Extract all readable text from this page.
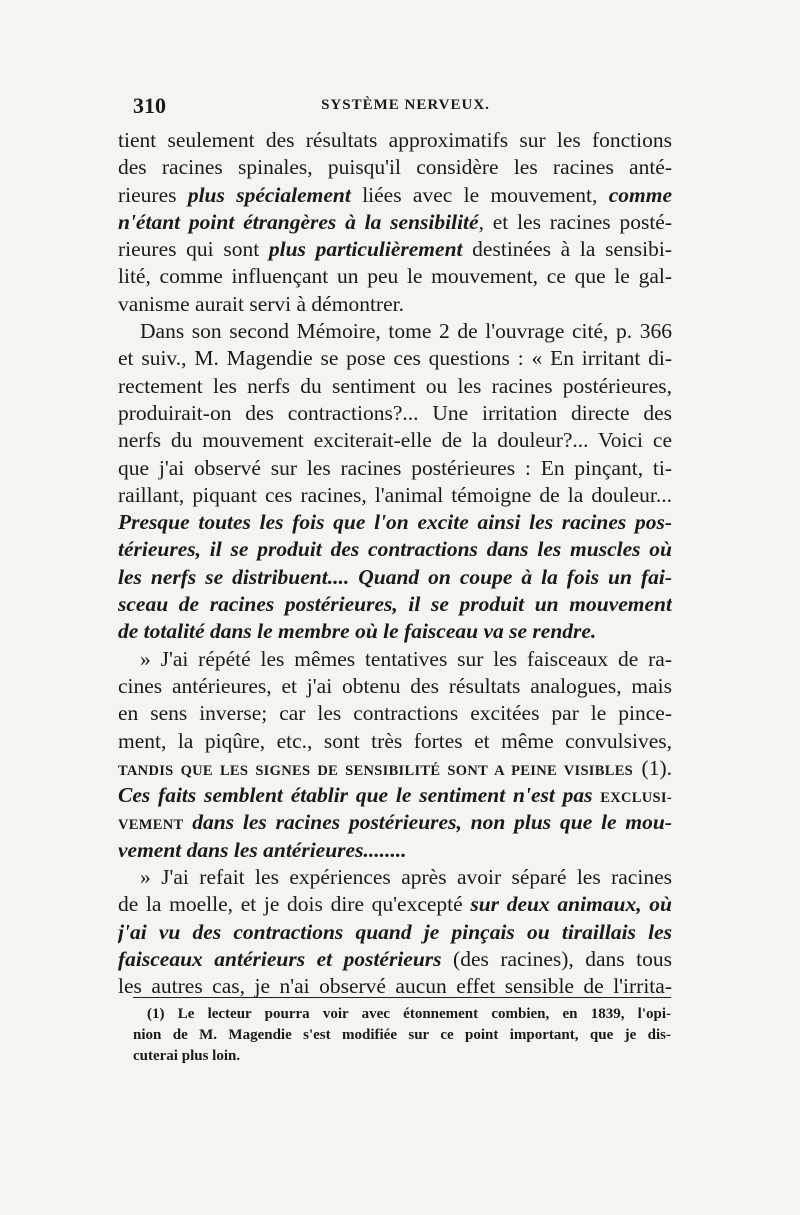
310	SYSTÈME NERVEUX.
tient seulement des résultats approximatifs sur les fonctions
des racines spinales, puisqu'il considère les racines anté-
rieures plus spécialement liées avec le mouvement, comme
n'étant point étrangères à la sensibilité, et les racines posté-
rieures qui sont plus particulièrement destinées à la sensibi-
lité, comme influençant un peu le mouvement, ce que le gal-
vanisme aurait servi à démontrer.
Dans son second Mémoire, tome 2 de l'ouvrage cité, p. 366
et suiv., M. Magendie se pose ces questions : « En irritant di-
rectement les nerfs du sentiment ou les racines postérieures,
produirait-on des contractions?... Une irritation directe des
nerfs du mouvement exciterait-elle de la douleur?... Voici ce
que j'ai observé sur les racines postérieures : En pinçant, ti-
raillant, piquant ces racines, l'animal témoigne de la douleur...
Presque toutes les fois que l'on excite ainsi les racines pos-
térieures, il se produit des contractions dans les muscles où
les nerfs se distribuent.... Quand on coupe à la fois un fai-
sceau de racines postérieures, il se produit un mouvement
de totalité dans le membre où le faisceau va se rendre.
» J'ai répété les mêmes tentatives sur les faisceaux de ra-
cines antérieures, et j'ai obtenu des résultats analogues, mais
en sens inverse; car les contractions excitées par le pince-
ment, la piqûre, etc., sont très fortes et même convulsives,
TANDIS QUE LES SIGNES DE SENSIBILITÉ SONT A PEINE VISIBLES (1).
Ces faits semblent établir que le sentiment n'est pas EXCLUSI-
VEMENT dans les racines postérieures, non plus que le mou-
vement dans les antérieures........
» J'ai refait les expériences après avoir séparé les racines
de la moelle, et je dois dire qu'excepté sur deux animaux, où
j'ai vu des contractions quand je pinçais ou tiraillais les
faisceaux antérieurs et postérieurs (des racines), dans tous
les autres cas, je n'ai observé aucun effet sensible de l'irrita-
(1) Le lecteur pourra voir avec étonnement combien, en 1839, l'opi-
nion de M. Magendie s'est modifiée sur ce point important, que je dis-
cuterai plus loin.
